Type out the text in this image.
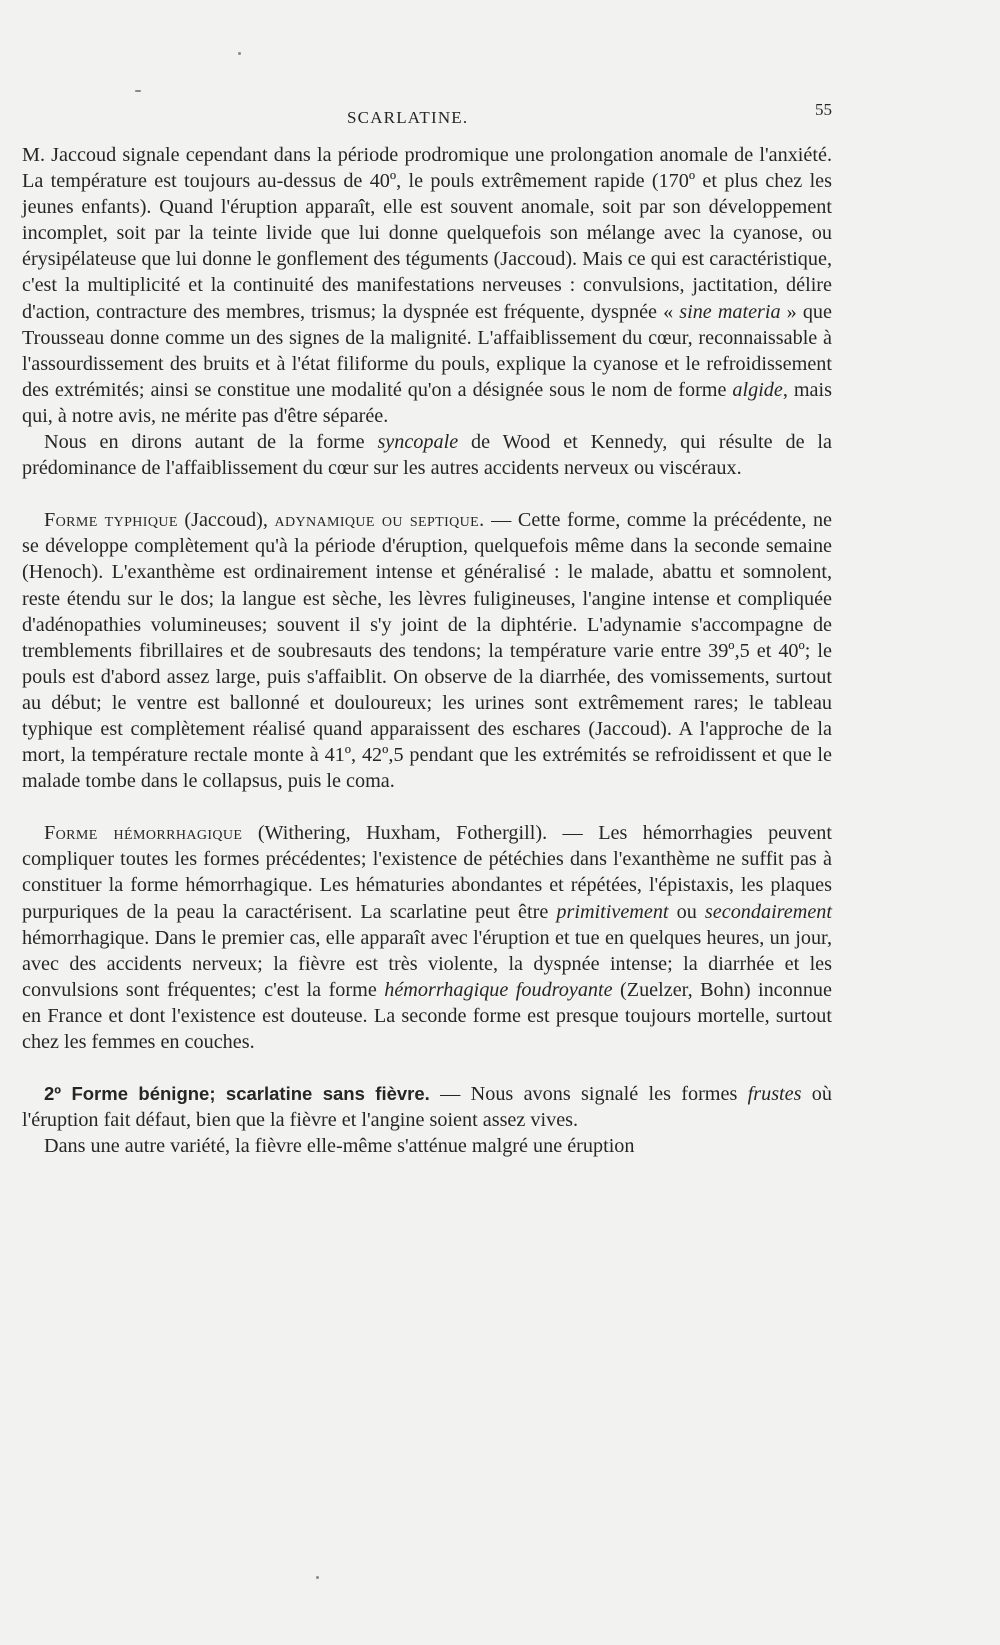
SCARLATINE.	55

M. Jaccoud signale cependant dans la période prodromique une prolongation anomale de l'anxiété. La température est toujours au-dessus de 40º, le pouls extrêmement rapide (170º et plus chez les jeunes enfants). Quand l'éruption apparaît, elle est souvent anomale, soit par son développement incomplet, soit par la teinte livide que lui donne quelquefois son mélange avec la cyanose, ou érysipélateuse que lui donne le gonflement des téguments (Jaccoud). Mais ce qui est caractéristique, c'est la multiplicité et la continuité des manifestations nerveuses : convulsions, jactitation, délire d'action, contracture des membres, trismus; la dyspnée est fréquente, dyspnée « sine materia » que Trousseau donne comme un des signes de la malignité. L'affaiblissement du cœur, reconnaissable à l'assourdissement des bruits et à l'état filiforme du pouls, explique la cyanose et le refroidissement des extrémités; ainsi se constitue une modalité qu'on a désignée sous le nom de forme algide, mais qui, à notre avis, ne mérite pas d'être séparée.

Nous en dirons autant de la forme syncopale de Wood et Kennedy, qui résulte de la prédominance de l'affaiblissement du cœur sur les autres accidents nerveux ou viscéraux.

Forme typhique (Jaccoud), adynamique ou septique. — Cette forme, comme la précédente, ne se développe complètement qu'à la période d'éruption, quelquefois même dans la seconde semaine (Henoch). L'exanthème est ordinairement intense et généralisé : le malade, abattu et somnolent, reste étendu sur le dos; la langue est sèche, les lèvres fuligineuses, l'angine intense et compliquée d'adénopathies volumineuses; souvent il s'y joint de la diphtérie. L'adynamie s'accompagne de tremblements fibrillaires et de soubresauts des tendons; la température varie entre 39º,5 et 40º; le pouls est d'abord assez large, puis s'affaiblit. On observe de la diarrhée, des vomissements, surtout au début; le ventre est ballonné et douloureux; les urines sont extrêmement rares; le tableau typhique est complètement réalisé quand apparaissent des eschares (Jaccoud). A l'approche de la mort, la température rectale monte à 41º, 42º,5 pendant que les extrémités se refroidissent et que le malade tombe dans le collapsus, puis le coma.

Forme hémorrhagique (Withering, Huxham, Fothergill). — Les hémorrhagies peuvent compliquer toutes les formes précédentes; l'existence de pétéchies dans l'exanthème ne suffit pas à constituer la forme hémorrhagique. Les hématuries abondantes et répétées, l'épistaxis, les plaques purpuriques de la peau la caractérisent. La scarlatine peut être primitivement ou secondairement hémorrhagique. Dans le premier cas, elle apparaît avec l'éruption et tue en quelques heures, un jour, avec des accidents nerveux; la fièvre est très violente, la dyspnée intense; la diarrhée et les convulsions sont fréquentes; c'est la forme hémorrhagique foudroyante (Zuelzer, Bohn) inconnue en France et dont l'existence est douteuse. La seconde forme est presque toujours mortelle, surtout chez les femmes en couches.

2º Forme bénigne; scarlatine sans fièvre. — Nous avons signalé les formes frustes où l'éruption fait défaut, bien que la fièvre et l'angine soient assez vives.

Dans une autre variété, la fièvre elle-même s'atténue malgré une éruption
